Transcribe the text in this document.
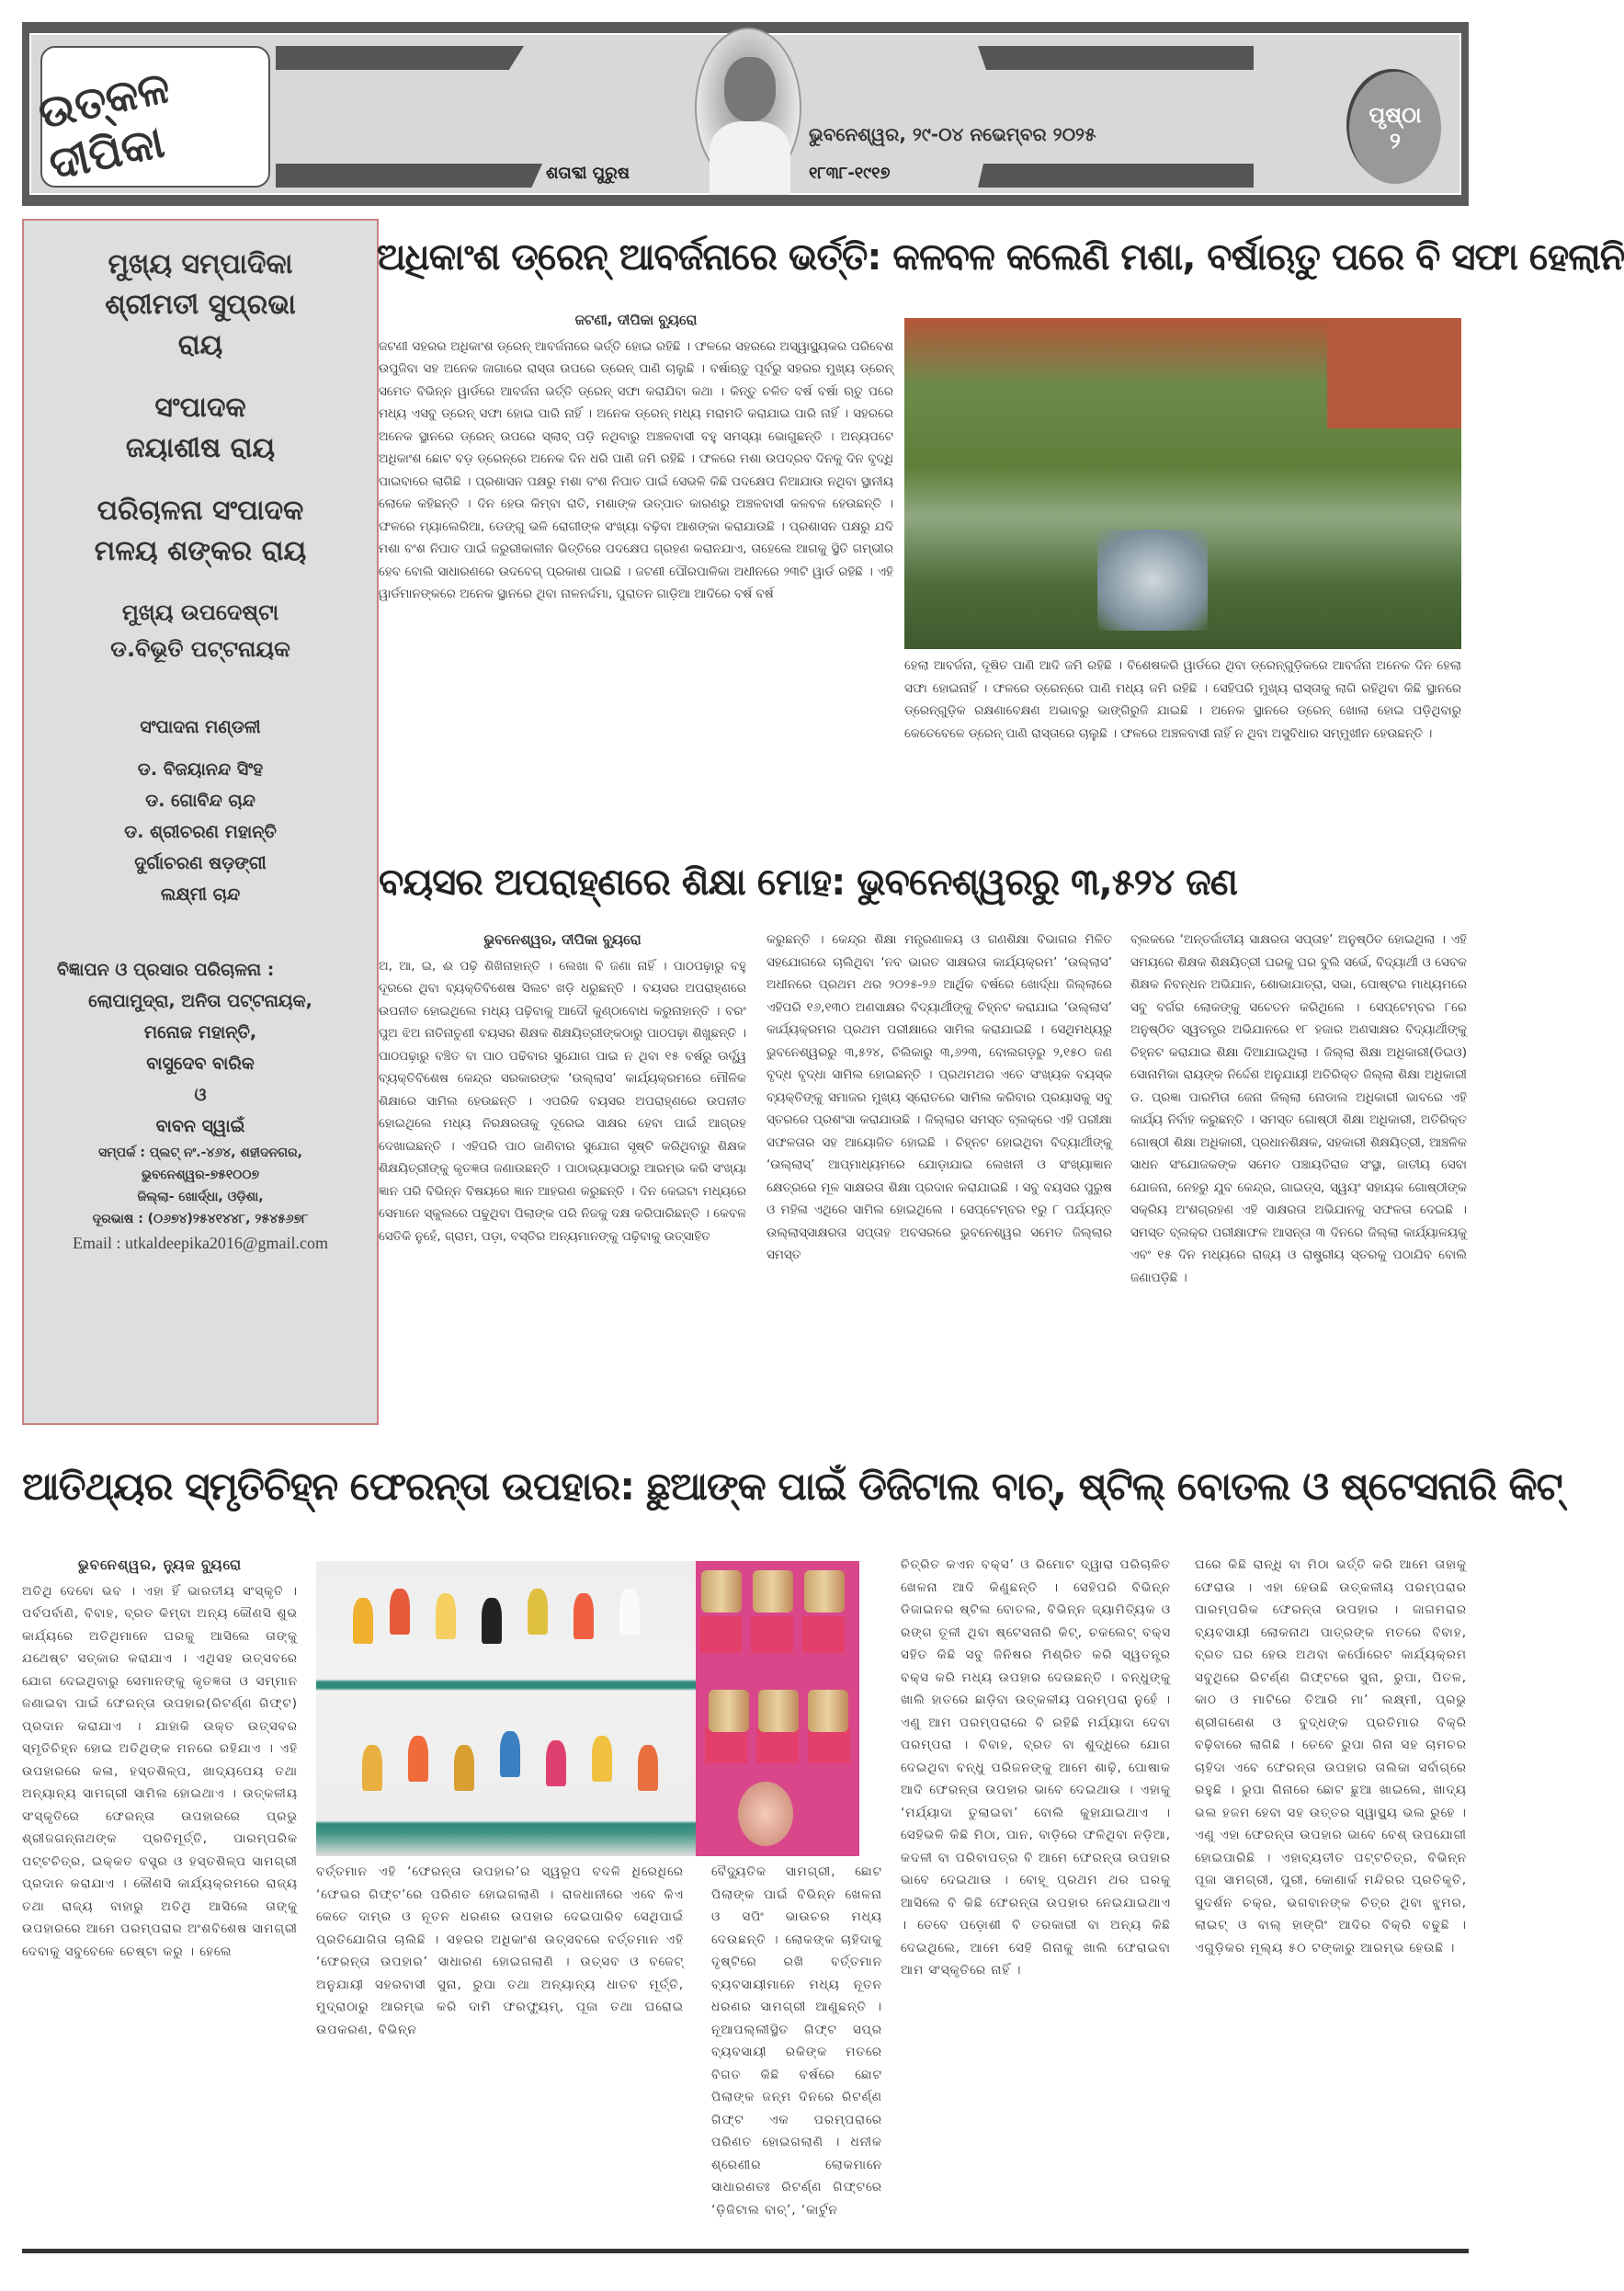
ଉତ୍କଳ ଦୀପିକା	ଭୁବନେଶ୍ୱର, ୨୯-୦୪ ନଭେମ୍ବର ୨୦୨୫
ଶତାବ୍ଦୀ ପୁରୁଷ	୧୮୩୮-୧୯୧୭
ପୃଷ୍ଠା
୨
ମୁଖ୍ୟ ସମ୍ପାଦିକା
ଶ୍ରୀମତୀ ସୁପ୍ରଭା
ରାୟ
ସଂପାଦକ
ଜୟାଶୀଷ ରାୟ
ପରିଚାଳନା ସଂପାଦକ
ମଳୟ ଶଙ୍କର ରାୟ
ମୁଖ୍ୟ ଉପଦେଷ୍ଟା
ଡ.ବିଭୂତି ପଟ୍ଟନାୟକ
ସଂପାଦନା ମଣ୍ଡଳୀ
ଡ. ବିଜୟାନନ୍ଦ ସିଂହ
ଡ. ଗୋବିନ୍ଦ ଚାନ୍ଦ
ଡ. ଶ୍ରୀଚରଣ ମହାନ୍ତି
ଦୁର୍ଗାଚରଣ ଷଡ଼ଙ୍ଗୀ
ଲକ୍ଷ୍ମୀ ଚାନ୍ଦ
ବିଜ୍ଞାପନ ଓ ପ୍ରସାର ପରିଚାଳନା :
ଲୋପାମୁଦ୍ରା, ଅନିତା ପଟ୍ଟନାୟକ,
ମନୋଜ ମହାନ୍ତି,
ବାସୁଦେବ ବାରିକ
ଓ
ବାବନ ସ୍ୱାଇଁ
ସମ୍ପର୍କ : ପ୍ଲଟ୍ ନଂ.-୪୬୪, ଶହୀଦନଗର,
ଭୁବନେଶ୍ୱର-୭୫୧୦୦୭
ଜିଲ୍ଲା- ଖୋର୍ଦ୍ଧା, ଓଡ଼ିଶା,
ଦୂରଭାଷ : (୦୬୭୪)୨୫୪୧୪୪୮, ୨୫୪୫୬୭୮
Email : utkaldeepika2016@gmail.com
ଅଧିକାଂଶ ଡ୍ରେନ୍ ଆବର୍ଜନାରେ ଭର୍ତ୍ତି: କଳବଳ କଲେଣି ମଶା, ବର୍ଷାଋତୁ ପରେ ବି ସଫା ହେଲାନି
ଜଟଣୀ, ଦୀପିକା ବ୍ୟୁରୋ
ଜଟଣୀ ସହରର ଅଧିକାଂଶ ଡ୍ରେନ୍ ଆବର୍ଜନାରେ ଭର୍ତ୍ତି ହୋଇ ରହିଛି । ଫଳରେ ସହରରେ ଅସ୍ୱାସ୍ଥ୍ୟକର ପରିବେଶ ଉପୁଜିବା ସହ ଅନେକ ଜାଗାରେ ରାସ୍ତା ଉପରେ ଡ୍ରେନ୍ ପାଣି ଚାଲୁଛି । ବର୍ଷାଋତୁ ପୂର୍ବରୁ ସହରର ମୁଖ୍ୟ ଡ୍ରେନ୍ ସମେତ ବିଭିନ୍ନ ୱାର୍ଡରେ ଆବର୍ଜନା ଭର୍ତ୍ତି ଡ୍ରେନ୍ ସଫା କରାଯିବା କଥା । କିନ୍ତୁ ଚଳିତ ବର୍ଷ ବର୍ଷା ଋତୁ ପରେ ମଧ୍ୟ ଏସବୁ ଡ୍ରେନ୍ ସଫା ହୋଇ ପାରି ନାହିଁ । ଅନେକ ଡ୍ରେନ୍ ମଧ୍ୟ ମରାମତି କରାଯାଇ ପାରି ନାହିଁ । ସହରରେ ଅନେକ ସ୍ଥାନରେ ଡ୍ରେନ୍ ଉପରେ ସ୍ଲାବ୍ ପଡ଼ି ନଥିବାରୁ ଅଞ୍ଚଳବାସୀ ବହୁ ସମସ୍ୟା ଭୋଗୁଛନ୍ତି । ଅନ୍ୟପଟେ ଅଧିକାଂଶ ଛୋଟ ବଡ଼ ଡ୍ରେନ୍‌ରେ ଅନେକ ଦିନ ଧରି ପାଣି ଜମି ରହିଛି । ଫଳରେ ମଶା ଉପଦ୍ରବ ଦିନକୁ ଦିନ ବୃଦ୍ଧି ପାଇବାରେ ଲାଗିଛି । ପ୍ରଶାସନ ପକ୍ଷରୁ ମଶା ବଂଶ ନିପାତ ପାଇଁ ସେଭଳି କିଛି ପଦକ୍ଷେପ ନିଆଯାଉ ନଥିବା ସ୍ଥାନୀୟ ଲୋକେ କହିଛନ୍ତି । ଦିନ ହେଉ କିମ୍ବା ରାତି, ମଶାଙ୍କ ଉତ୍ପାତ କାରଣରୁ ଅଞ୍ଚଳବାସୀ କଳବଳ ହେଉଛନ୍ତି । ଫଳରେ ମ୍ୟାଲେରିଆ, ଡେଙ୍ଗୁ ଭଳି ରୋଗୀଙ୍କ ସଂଖ୍ୟା ବଢ଼ିବା ଆଶଙ୍କା କରାଯାଉଛି । ପ୍ରଶାସନ ପକ୍ଷରୁ ଯଦି ମଶା ବଂଶ ନିପାତ ପାଇଁ ଜରୁରୀକାଳୀନ ଭିତ୍ତିରେ ପଦକ୍ଷେପ ଗ୍ରହଣ କରାନଯାଏ, ତାହେଲେ ଆଗକୁ ସ୍ଥିତି ଗମ୍ଭୀର ହେବ ବୋଲି ସାଧାରଣରେ ଉଦବେଗ୍ ପ୍ରକାଶ ପାଇଛି । ଜଟଣୀ ପୌରପାଳିକା ଅଧୀନରେ ୨୩ଟି ୱାର୍ଡ ରହିଛି । ଏହି ୱାର୍ଡମାନଙ୍କରେ ଅନେକ ସ୍ଥାନରେ ଥିବା ନାଳନର୍ଦ୍ଦମା, ପୁରାତନ ଗାଡ଼ିଆ ଆଦିରେ ବର୍ଷ ବର୍ଷ
ହେଲା ଆବର୍ଜନା, ଦୂଷିତ ପାଣି ଆଦି ଜମି ରହିଛି । ବିଶେଷକରି ୱାର୍ଡରେ ଥିବା ଡ୍ରେନ୍‌ଗୁଡ଼ିକରେ ଆବର୍ଜନା ଅନେକ ଦିନ ହେଲା ସଫା ହୋଇନାହିଁ । ଫଳରେ ଡ୍ରେନ୍‌ରେ ପାଣି ମଧ୍ୟ ଜମି ରହିଛି । ସେହିପରି ମୁଖ୍ୟ ରାସ୍ତାକୁ ଲାଗି ରହିଥିବା କିଛି ସ୍ଥାନରେ ଡ୍ରେନ୍‌ଗୁଡ଼ିକ ରକ୍ଷଣାବେକ୍ଷଣ ଅଭାବରୁ ଭାଙ୍ଗିରୁଜି ଯାଇଛି । ଅନେକ ସ୍ଥାନରେ ଡ୍ରେନ୍ ଖୋଲା ହୋଇ ପଡ଼ିଥିବାରୁ କେତେବେଳେ ଡ୍ରେନ୍ ପାଣି ରାସ୍ତାରେ ଚାଲୁଛି । ଫଳରେ ଅଞ୍ଚଳବାସୀ ନାହିଁ ନ ଥିବା ଅସୁବିଧାର ସମ୍ମୁଖୀନ ହେଉଛନ୍ତି ।
ବୟସର ଅପରାହ୍ଣରେ ଶିକ୍ଷା ମୋହ: ଭୁବନେଶ୍ୱରରୁ ୩,୫୨୪ ଜଣ
ଭୁବନେଶ୍ୱର, ଦୀପିକା ବ୍ୟୁରୋ
ଅ, ଆ, ଇ, ଈ ପଢ଼ି ଶିଖିନାହାନ୍ତି । ଲେଖା ବି ଜଣା ନାହିଁ । ପାଠପଢ଼ାରୁ ବହୁ ଦୂରରେ ଥିବା ବ୍ୟକ୍ତିବିଶେଷ ସିଲଟ ଖଡ଼ି ଧରୁଛନ୍ତି । ବୟସର ଅପରାହ୍ଣରେ ଉପନୀତ ହୋଇଥିଲେ ମଧ୍ୟ ପଢ଼ିବାକୁ ଆଦୌ କୁଣ୍ଠାବୋଧ କରୁନାହାନ୍ତି । ବରଂ ପୁଅ ଝିଅ ନାତିନାତୁଣୀ ବୟସର ଶିକ୍ଷକ ଶିକ୍ଷୟିତ୍ରୀଙ୍କଠାରୁ ପାଠପଢ଼ା ଶିଖୁଛନ୍ତି । ପାଠପଢ଼ାରୁ ବଞ୍ଚିତ ବା ପାଠ ପଢିବାର ସୁଯୋଗ ପାଇ ନ ଥିବା ୧୫ ବର୍ଷରୁ ଊର୍ଦ୍ଧ୍ୱ ବ୍ୟକ୍ତିବିଶେଷ କେନ୍ଦ୍ର ସରକାରଙ୍କ ‘ଉଲ୍ଲାସ’ କାର୍ଯ୍ୟକ୍ରମରେ ମୌଳିକ ଶିକ୍ଷାରେ ସାମିଲ ହେଉଛନ୍ତି । ଏପରିକି ବୟସର ଅପରାହ୍ଣରେ ଉପନୀତ ହୋଇଥିଲେ ମଧ୍ୟ ନିରକ୍ଷରତାକୁ ଦୂରେଇ ସାକ୍ଷର ହେବା ପାଇଁ ଆଗ୍ରହ ଦେଖାଇଛନ୍ତି । ଏହିପରି ପାଠ ଜାଣିବାର ସୁଯୋଗ ସୃଷ୍ଟି କରିଥିବାରୁ ଶିକ୍ଷକ ଶିକ୍ଷୟିତ୍ରୀଙ୍କୁ କୃତଜ୍ଞତା ଜଣାଉଛନ୍ତି । ପାଠାଭ୍ୟାସଠାରୁ ଆରମ୍ଭ କରି ସଂଖ୍ୟା ଜ୍ଞାନ ପରି ବିଭିନ୍ନ ବିଷୟରେ ଜ୍ଞାନ ଆହରଣ କରୁଛନ୍ତି । ଦିନ କେଇଟା ମଧ୍ୟରେ ସେମାନେ ସ୍କୁଲରେ ପଢୁଥିବା ପିଲାଙ୍କ ପରି ନିଜକୁ ଦକ୍ଷ କରିପାରିଛନ୍ତି । କେବଳ ସେତିକି ନୁହେଁ, ଗ୍ରାମ, ପଡ଼ା, ବସ୍ତିର ଅନ୍ୟମାନଙ୍କୁ ପଢ଼ିବାକୁ ଉତ୍ସାହିତ
କରୁଛନ୍ତି । କେନ୍ଦ୍ର ଶିକ୍ଷା ମନ୍ତ୍ରଣାଳୟ ଓ ଗଣଶିକ୍ଷା ବିଭାଗର ମିଳିତ ସହଯୋଗରେ ଚାଲିଥିବା ‘ନବ ଭାରତ ସାକ୍ଷରତା କାର୍ଯ୍ୟକ୍ରମ’ ‘ଉଲ୍ଲାସ’ ଅଧୀନରେ ପ୍ରଥମ ଥର ୨୦୨୫-୨୬ ଆର୍ଥିକ ବର୍ଷରେ ଖୋର୍ଦ୍ଧା ଜିଲ୍ଲାରେ ଏହିପରି ୧୬,୧୩୦ ଅଣସାକ୍ଷର ବିଦ୍ୟାର୍ଥୀଙ୍କୁ ଚିହ୍ନଟ କରାଯାଇ ‘ଉଲ୍ଲାସ’ କାର୍ଯ୍ୟକ୍ରମର ପ୍ରଥମ ପରୀକ୍ଷାରେ ସାମିଲ କରାଯାଇଛି । ସେଥିମଧ୍ୟରୁ ଭୁବନେଶ୍ୱରରୁ ୩,୫୨୪, ଚିଲିକାରୁ ୩,୬୨୩, ବୋଲଗଡ଼ରୁ ୨,୧୫୦ ଜଣ ବୃଦ୍ଧ ବୃଦ୍ଧା ସାମିଲ ହୋଇଛନ୍ତି । ପ୍ରଥମଥର ଏତେ ସଂଖ୍ୟକ ବୟସ୍କ ବ୍ୟକ୍ତିଙ୍କୁ ସମାଜର ମୁଖ୍ୟ ସ୍ରୋତରେ ସାମିଲ କରିବାର ପ୍ରୟାସକୁ ସବୁ ସ୍ତରରେ ପ୍ରଶଂସା କରାଯାଉଛି । ଜିଲ୍ଲାର ସମସ୍ତ ବ୍ଲକ୍‌ରେ ଏହି ପରୀକ୍ଷା ସଫଳତାର ସହ ଆୟୋଜିତ ହୋଇଛି । ଚିହ୍ନଟ ହୋଇଥିବା ବିଦ୍ୟାର୍ଥୀଙ୍କୁ ‘ଉଲ୍ଲାସ୍’ ଆପ୍‌ମାଧ୍ୟମରେ ଯୋଡ଼ାଯାଇ ଲେଖନୀ ଓ ସଂଖ୍ୟାଜ୍ଞାନ କ୍ଷେତ୍ରରେ ମୂଳ ସାକ୍ଷରତା ଶିକ୍ଷା ପ୍ରଦାନ କରାଯାଇଛି । ସବୁ ବୟସର ପୁରୁଷ ଓ ମହିଳା ଏଥିରେ ସାମିଲ ହୋଇଥିଲେ । ସେପ୍ଟେମ୍ବର ୧ରୁ ୮ ପର୍ଯ୍ୟନ୍ତ ଉଲ୍ଲାସ୍‌ସାକ୍ଷରତା ସପ୍ତାହ ଅବସରରେ ଭୁବନେଶ୍ୱର ସମେତ ଜିଲ୍ଲାର ସମସ୍ତ
ବ୍ଲକରେ ‘ଅନ୍ତର୍ଜାତୀୟ ସାକ୍ଷରତା ସପ୍ତାହ’ ଅନୁଷ୍ଠିତ ହୋଇଥିଲା । ଏହି ସମୟରେ ଶିକ୍ଷକ ଶିକ୍ଷୟିତ୍ରୀ ଘରକୁ ଘର ବୁଲି ସର୍ଭେ, ବିଦ୍ୟାର୍ଥୀ ଓ ସେବକ ଶିକ୍ଷକ ନିବନ୍ଧନ ଅଭିଯାନ, ଶୋଭାଯାତ୍ରା, ସଭା, ପୋଷ୍ଟର ମାଧ୍ୟମରେ ସବୁ ବର୍ଗର ଲୋକଙ୍କୁ ସଚେତନ କରିଥିଲେ । ସେପ୍ଟେମ୍ବର ୮ରେ ଅନୁଷ୍ଠିତ ସ୍ୱତନ୍ତ୍ର ଅଭିଯାନରେ ୧୮ ହଜାର ଅଣସାକ୍ଷର ବିଦ୍ୟାର୍ଥୀଙ୍କୁ ଚିହ୍ନଟ କରାଯାଇ ଶିକ୍ଷା ଦିଆଯାଇଥିଲା । ଜିଲ୍ଲା ଶିକ୍ଷା ଅଧିକାରୀ(ଡିଇଓ) ସୋନାମିକା ରାୟଙ୍କ ନିର୍ଦ୍ଦେଶ ଅନୁଯାୟୀ ଅତିରିକ୍ତ ଜିଲ୍ଲା ଶିକ୍ଷା ଅଧିକାରୀ ଡ. ପ୍ରଜ୍ଞା ପାରମିତା ଜେନା ଜିଲ୍ଲା ନୋଡାଲ ଅଧିକାରୀ ଭାବରେ ଏହି କାର୍ଯ୍ୟ ନିର୍ବାହ କରୁଛନ୍ତି । ସମସ୍ତ ଗୋଷ୍ଠୀ ଶିକ୍ଷା ଅଧିକାରୀ, ଅତିରିକ୍ତ ଗୋଷ୍ଠୀ ଶିକ୍ଷା ଅଧିକାରୀ, ପ୍ରଧାନଶିକ୍ଷକ, ସହକାରୀ ଶିକ୍ଷୟିତ୍ରୀ, ଆଞ୍ଚଳିକ ସାଧନ ସଂଯୋଜକଙ୍କ ସମେତ ପଞ୍ଚାୟତିରାଜ ସଂସ୍ଥା, ଜାତୀୟ ସେବା ଯୋଜନା, ନେହରୁ ଯୁବ କେନ୍ଦ୍ର, ଗାଇଡ୍‌ସ, ସ୍ୱୟଂ ସହାୟକ ଗୋଷ୍ଠୀଙ୍କ ସକ୍ରିୟ ଅଂଶଗ୍ରହଣ ଏହି ସାକ୍ଷରତା ଅଭିଯାନକୁ ସଫଳତା ଦେଇଛି । ସମସ୍ତ ବ୍ଲକ୍‌ର ପରୀକ୍ଷାଫଳ ଆସନ୍ତା ୩ ଦିନରେ ଜିଲ୍ଲା କାର୍ଯ୍ୟାଳୟକୁ ଏବଂ ୧୫ ଦିନ ମଧ୍ୟରେ ରାଜ୍ୟ ଓ ରାଷ୍ଟ୍ରୀୟ ସ୍ତରକୁ ପଠାଯିବ ବୋଲି ଜଣାପଡ଼ିଛି ।
ଆତିଥ୍ୟର ସ୍ମୃତିଚିହ୍ନ ଫେରନ୍ତା ଉପହାର: ଛୁଆଙ୍କ ପାଇଁ ଡିଜିଟାଲ ବାଚ୍, ଷ୍ଟିଲ୍ ବୋତଲ ଓ ଷ୍ଟେସନାରି କିଟ୍
ଭୁବନେଶ୍ୱର, ନ୍ୟୁଜ ବ୍ୟୁରୋ
ଅତିଥି ଦେବୋ ଭବ । ଏହା ହିଁ ଭାରତୀୟ ସଂସ୍କୃତି । ପର୍ବପର୍ବାଣି, ବିବାହ, ବ୍ରତ କିମ୍ବା ଅନ୍ୟ କୌଣସି ଶୁଭ କାର୍ଯ୍ୟରେ ଅତିଥିମାନେ ଘରକୁ ଆସିଲେ ତାଙ୍କୁ ଯଥେଷ୍ଟ ସତ୍କାର କରାଯାଏ । ଏଥିସହ ଉତ୍ସବରେ ଯୋଗ ଦେଇଥିବାରୁ ସେମାନଙ୍କୁ କୃତଜ୍ଞତା ଓ ସମ୍ମାନ ଜଣାଇବା ପାଇଁ ଫେରନ୍ତା ଉପହାର(ରିଟର୍ଣ୍ଣ ଗିଫ୍ଟ) ପ୍ରଦାନ କରାଯାଏ । ଯାହାକି ଉକ୍ତ ଉତ୍ସବର ସ୍ମୃତିଚିହ୍ନ ହୋଇ ଅତିଥିଙ୍କ ମନରେ ରହିଯାଏ । ଏହି ଉପହାରରେ କଳା, ହସ୍ତଶିଳ୍ପ, ଖାଦ୍ୟପେୟ ତଥା ଅନ୍ୟାନ୍ୟ ସାମଗ୍ରୀ ସାମିଲ ହୋଇଥାଏ । ଉତ୍କଳୀୟ ସଂସ୍କୃତିରେ ଫେରନ୍ତା ଉପହାରରେ ପ୍ରଭୁ ଶ୍ରୀଜଗନ୍ନାଥଙ୍କ ପ୍ରତିମୂର୍ତ୍ତି, ପାରମ୍ପରିକ ପଟ୍ଟଚିତ୍ର, ଇକ୍କତ ବସ୍ତ୍ର ଓ ହସ୍ତଶିଳ୍ପ ସାମଗ୍ରୀ ପ୍ରଦାନ କରାଯାଏ । କୌଣସି କାର୍ଯ୍ୟକ୍ରମରେ ରାଜ୍ୟ ତଥା ରାଜ୍ୟ ବାହାରୁ ଅତିଥି ଆସିଲେ ତାଙ୍କୁ ଉପହାରରେ ଆମେ ପରମ୍ପରାର ଅଂଶବିଶେଷ ସାମଗ୍ରୀ ଦେବାକୁ ସବୁବେଳେ ଚେଷ୍ଟା କରୁ । ହେଲେ
ବର୍ତ୍ତମାନ ଏହି ‘ଫେରନ୍ତା ଉପହାର’ର ସ୍ୱରୂପ ବଦଳି ଧିରେଧିରେ ‘ଫେଭର ଗିଫ୍ଟ’ରେ ପରିଣତ ହୋଇଗଲାଣି । ରାଜଧାନୀରେ ଏବେ କିଏ କେତେ ଦାମ୍‌ର ଓ ନୂତନ ଧରଣର ଉପହାର ଦେଇପାରିବ ସେଥିପାଇଁ ପ୍ରତିଯୋଗିତା ଚାଲିଛି । ସହରର ଅଧିକାଂଶ ଉତ୍ସବରେ ବର୍ତ୍ତମାନ ଏହି ‘ଫେରନ୍ତା ଉପହାର’ ସାଧାରଣ ହୋଇଗଲାଣି । ଉତ୍ସବ ଓ ବଜେଟ୍ ଅନୁଯାୟୀ ସହରବାସୀ ସୁନା, ରୁପା ତଥା ଅନ୍ୟାନ୍ୟ ଧାତବ ମୂର୍ତ୍ତି, ମୁଦ୍ରାଠାରୁ ଆରମ୍ଭ କରି ଦାମି ଫରଫ୍ୟୁମ୍, ପୂଜା ତଥା ଘରୋଇ ଉପକରଣ, ବିଭିନ୍ନ
ବୈଦ୍ୟୁତିକ ସାମଗ୍ରୀ, ଛୋଟ ପିଲାଙ୍କ ପାଇଁ ବିଭିନ୍ନ ଖେଳନା ଓ ସପିଂ ଭାଉଚର ମଧ୍ୟ ଦେଉଛନ୍ତି । ଲୋକଙ୍କ ଚାହିଦାକୁ ଦୃଷ୍ଟିରେ ରଖି ବର୍ତ୍ତମାନ ବ୍ୟବସାୟୀମାନେ ମଧ୍ୟ ନୂତନ ଧରଣର ସାମଗ୍ରୀ ଆଣୁଛନ୍ତି । ନୂଆପଲ୍ଲୀସ୍ଥିତ ଗିଫ୍ଟ ସପ୍‌ର ବ୍ୟବସାୟୀ ରକିଙ୍କ ମତରେ ବିଗତ କିଛି ବର୍ଷରେ ଛୋଟ ପିଲାଙ୍କ ଜନ୍ମ ଦିନରେ ରିଟର୍ଣ୍ଣ ଗିଫ୍ଟ ଏକ ପରମ୍ପରାରେ ପରିଣତ ହୋଇଗଲାଣି । ଧନୀକ ଶ୍ରେଣୀର ଲୋକମାନେ ସାଧାରଣତଃ ରିଟର୍ଣ୍ଣ ଗିଫ୍ଟରେ ‘ଡ଼ିଜିଟାଲ ବାଚ୍’, ‘କାର୍ଟୁନ
ଚିତ୍ରିତ କଏନ ବକ୍ସ’ ଓ ରିମୋଟ ଦ୍ୱାରା ପରିଚାଳିତ ଖେଳନା ଆଦି କିଣୁଛନ୍ତି । ସେହିପରି ବିଭିନ୍ନ ଡିଜାଇନର ଷ୍ଟିଲ ବୋତଲ, ବିଭିନ୍ନ ଜ୍ୟାମିତ୍ୟିକ ଓ ରଙ୍ଗ ତୂଳୀ ଥିବା ଷ୍ଟେସନାରି କିଟ୍, ଚକଲେଟ୍ ବକ୍ସ ସହିତ କିଛି ସବୁ ଜିନିଷର ମିଶ୍ରିତ କରି ସ୍ୱତନ୍ତ୍ର ବକ୍ସ କରି ମଧ୍ୟ ଉପହାର ଦେଉଛନ୍ତି । ବନ୍ଧୁଙ୍କୁ ଖାଲି ହାତରେ ଛାଡ଼ିବା ଉତ୍କଳୀୟ ପରମ୍ପରା ନୁହେଁ । ଏଣୁ ଆମ ପରମ୍ପରାରେ ବି ରହିଛି ମର୍ଯ୍ୟାଦା ଦେବା ପରମ୍ପରା । ବିବାହ, ବ୍ରତ ବା ଶୁଦ୍ଧିରେ ଯୋଗ ଦେଇଥିବା ବନ୍ଧୁ ପରିଜନଙ୍କୁ ଆମେ ଶାଢ଼ି, ପୋଷାକ ଆଦି ଫେରନ୍ତା ଉପହାର ଭାବେ ଦେଇଥାଉ । ଏହାକୁ ‘ମର୍ଯ୍ୟାଦା ତୁଲାଇବା’ ବୋଲି କୁହାଯାଇଥାଏ । ସେହିଭଳି କିଛି ମିଠା, ପାନ, ବାଡ଼ିରେ ଫଳିଥିବା ନଡ଼ିଆ, କଦଳୀ ବା ପରିବାପତ୍ର ବି ଆମେ ଫେରନ୍ତା ଉପହାର ଭାବେ ଦେଇଥାଉ । ବୋହୂ ପ୍ରଥମ ଥର ଘରକୁ ଆସିଲେ ବି କିଛି ଫେରନ୍ତା ଉପହାର ନେଇଯାଇଥାଏ । ତେବେ ପଡ଼ୋଶୀ ବି ତରକାରୀ ବା ଅନ୍ୟ କିଛି ଦେଇଥିଲେ, ଆମେ ସେହି ଗିନାକୁ ଖାଲି ଫେରାଇବା ଆମ ସଂସ୍କୃତିରେ ନାହିଁ ।
ଘରେ କିଛି ରାନ୍ଧି ବା ମିଠା ଭର୍ତ୍ତି କରି ଆମେ ତାହାକୁ ଫେରାଉ । ଏହା ହେଉଛି ଉତ୍କଳୀୟ ପରମ୍ପରାର ପାରମ୍ପରିକ ଫେରନ୍ତା ଉପହାର । ଜାଗମରାର ବ୍ୟବସାୟୀ ଲୋକନାଥ ପାତ୍ରଙ୍କ ମତରେ ବିବାହ, ବ୍ରତ ଘର ହେଉ ଅଥବା କର୍ପୋରେଟ କାର୍ଯ୍ୟକ୍ରମ ସବୁଥିରେ ରିଟର୍ଣ୍ଣ ଗିଫ୍ଟରେ ସୁନା, ରୁପା, ପିତଳ, କାଠ ଓ ମାଟିରେ ତିଆରି ମା’ ଲକ୍ଷ୍ମୀ, ପ୍ରଭୁ ଶ୍ରୀଗଣେଶ ଓ ବୁଦ୍ଧଙ୍କ ପ୍ରତିମାର ବିକ୍ରି ବଢ଼ିବାରେ ଲାଗିଛି । ତେବେ ରୁପା ଗିନା ସହ ଚାମଚର ଚାହିଦା ଏବେ ଫେରନ୍ତା ଉପହାର ତାଲିକା ସର୍ବାଗ୍ରେ ରହୁଛି । ରୁପା ଗିନାରେ ଛୋଟ ଛୁଆ ଖାଇଲେ, ଖାଦ୍ୟ ଭଲ ହଜମ ହେବା ସହ ଉତ୍ତର ସ୍ୱାସ୍ଥ୍ୟ ଭଲ ରୁହେ । ଏଣୁ ଏହା ଫେରନ୍ତା ଉପହାର ଭାବେ ବେଶ୍ ଉପଯୋଗୀ ହୋଇପାରିଛି । ଏହାବ୍ୟତୀତ ପଟ୍ଟଚିତ୍ର, ବିଭିନ୍ନ ପୂଜା ସାମଗ୍ରୀ, ପୁରୀ, କୋଣାର୍କ ମନ୍ଦିରର ପ୍ରତିକୃତି, ସୁଦର୍ଶନ ଚକ୍ର, ଭଗବାନଙ୍କ ଚିତ୍ର ଥିବା ଝୁମର, ଲାଇଟ୍ ଓ ବାଲ୍ ହାଙ୍ଗିଂ ଆଦିର ବିକ୍ରି ବଢୁଛି । ଏଗୁଡ଼ିକର ମୂଲ୍ୟ ୫୦ ଟଙ୍କାରୁ ଆରମ୍ଭ ହେଉଛି ।
